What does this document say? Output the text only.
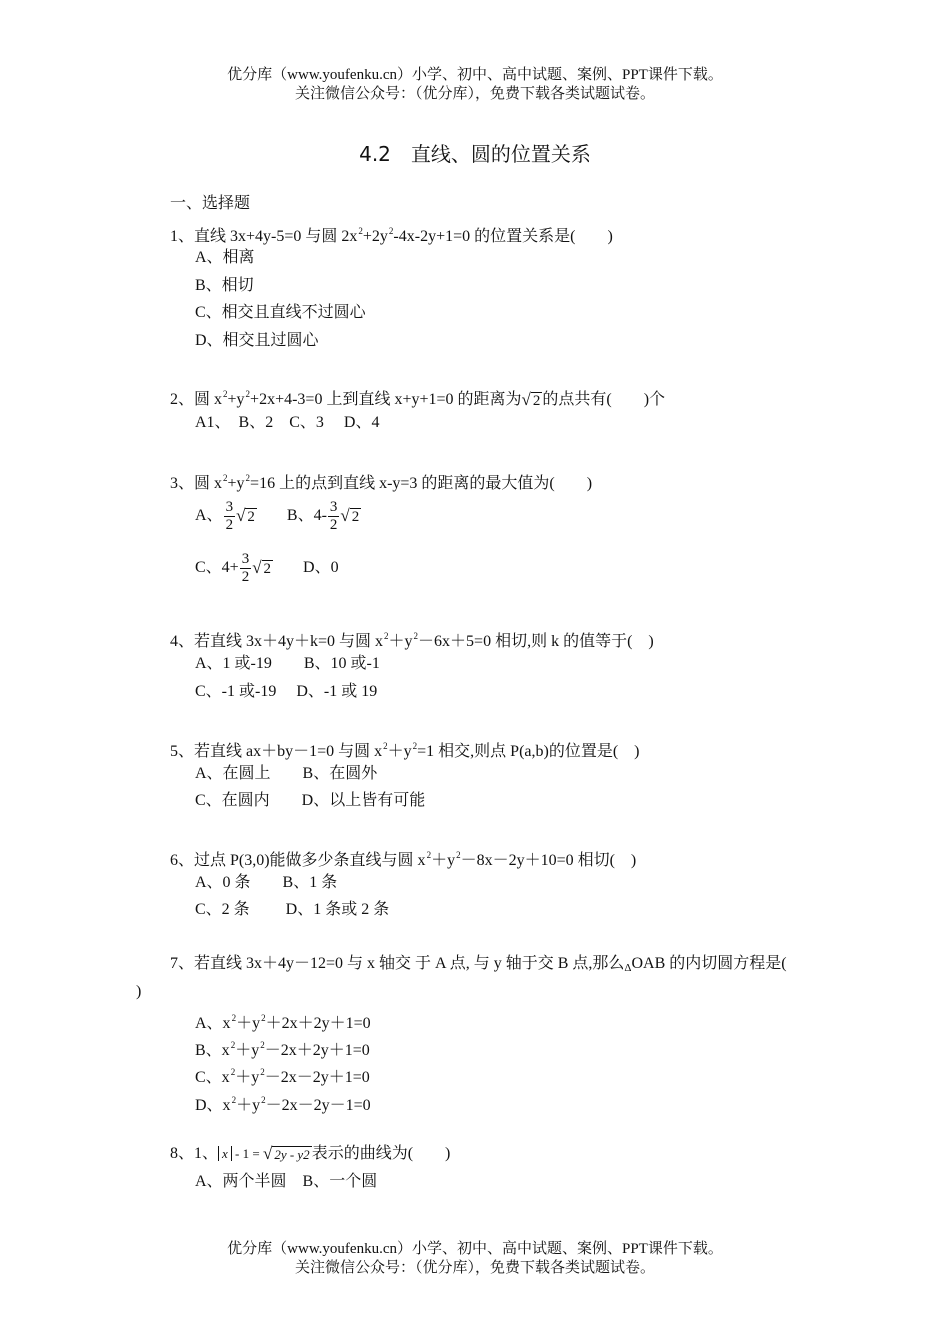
优分库（www.youfenku.cn）小学、初中、高中试题、案例、PPT课件下载。
关注微信公众号：（优分库），免费下载各类试题试卷。
4.2　直线、圆的位置关系
一、选择题
1、直线 3x+4y-5=0 与圆 $2x^2+2y^2-4x-2y+1=0$ 的位置关系是(　　)
A、相离
B、相切
C、相交且直线不过圆心
D、相交且过圆心
2、圆 $x^2+y^2+2x+4-3=0$ 上到直线 x+y+1=0 的距离为√ 2 的点共有(　　)个
A1、　B、2　C、3　 D、4
3、圆 $x^2+y^2=16$ 上的点到直线 x-y=3 的距离的最大值为(　　)
A、 $\frac{3}{2}$ √ 2 B、$4- \frac{3}{2}$ √ 2
C、$4+ \frac{3}{2}$ √ 2 D、0
4、若直线 3x＋4y＋k=0 与圆 $x^2+y^2-6x+5=0$ 相切,则 k 的值等于(　)
A、1 或-19　　B、10 或-1
C、-1 或-19　 D、-1 或 19
5、若直线 ax＋by－1=0 与圆 $x^2+y^2=1$ 相交,则点 P(a,b)的位置是(　)
A、在圆上　　B、在圆外
C、在圆内　　D、以上皆有可能
6、过点 P(3,0)能做多少条直线与圆 $x^2+y^2-8x-2y+10=0$ 相切(　)
A、0 条　　B、1 条
C、2 条　　 D、1 条或 2 条
7、若直线 3x＋4y－12=0 与 x 轴交 于 A 点, 与 y 轴于交 B 点,那么ΔOAB 的内切圆方程是(
)
A、$x^2+y^2+2x+2y+1=0$
B、$x^2+y^2-2x+2y+1=0$
C、$x^2+y^2-2x-2y+1=0$
D、$x^2+y^2-2x-2y-1=0$
8、1、 x - 1 = √ 2y - y2 表示的曲线为(　　)
A、两个半圆　B、一个圆
优分库（www.youfenku.cn）小学、初中、高中试题、案例、PPT课件下载。
关注微信公众号：（优分库），免费下载各类试题试卷。
